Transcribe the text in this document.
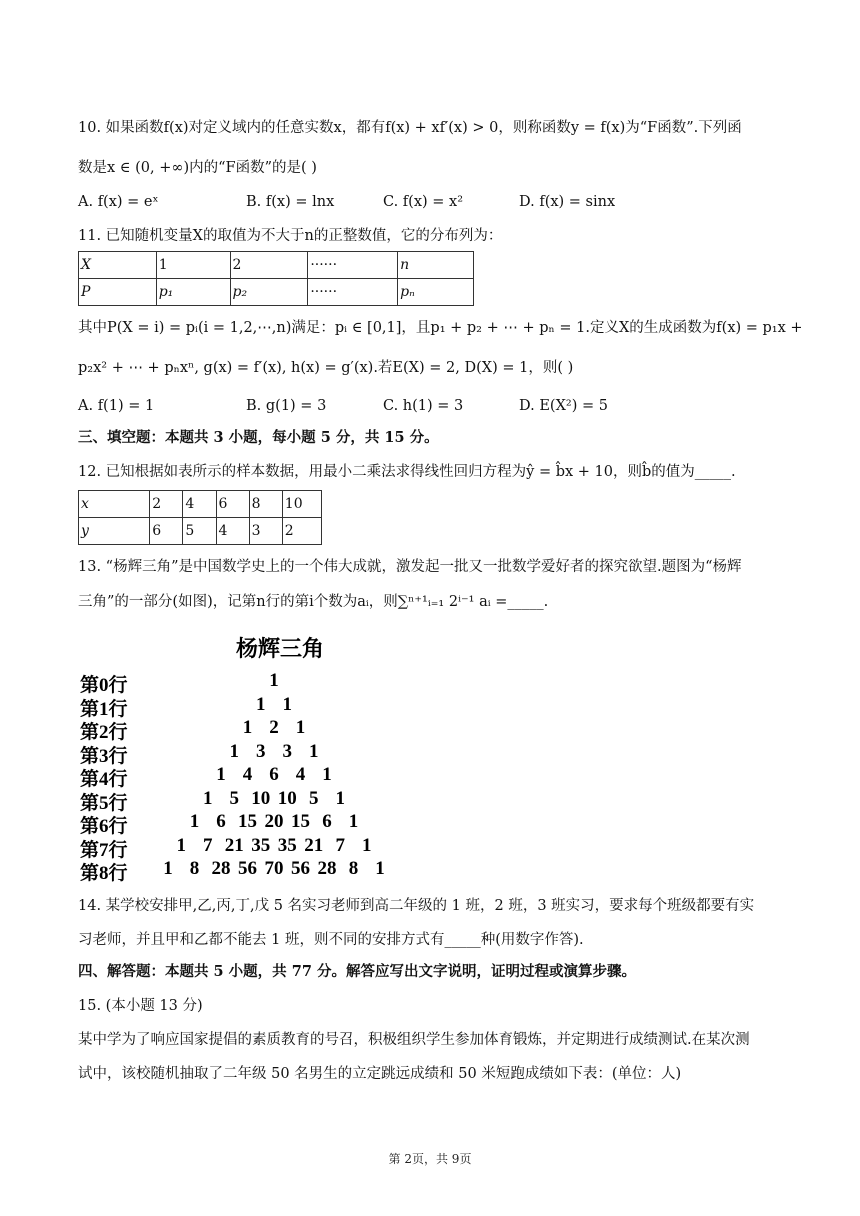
10. 如果函数f(x)对定义域内的任意实数x，都有f(x) + xf′(x) > 0，则称函数y = f(x)为“F函数”.下列函
数是x ∈ (0, +∞)内的“F函数”的是( )
A. f(x) = eˣ	B. f(x) = lnx	C. f(x) = x²	D. f(x) = sinx
11. 已知随机变量X的取值为不大于n的正整数值，它的分布列为：
X	1	2	······	n
P	p₁	p₂	······	pₙ
其中P(X = i) = pᵢ(i = 1,2,⋯,n)满足：pᵢ ∈ [0,1]，且p₁ + p₂ + ⋯ + pₙ = 1.定义X的生成函数为f(x) = p₁x +
p₂x² + ⋯ + pₙxⁿ, g(x) = f′(x), h(x) = g′(x).若E(X) = 2, D(X) = 1，则( )
A. f(1) = 1	B. g(1) = 3	C. h(1) = 3	D. E(X²) = 5
三、填空题：本题共 3 小题，每小题 5 分，共 15 分。
12. 已知根据如表所示的样本数据，用最小二乘法求得线性回归方程为ŷ = b̂x + 10，则b̂的值为_____.
x	2	4	6	8	10
y	6	5	4	3	2
13. “杨辉三角”是中国数学史上的一个伟大成就，激发起一批又一批数学爱好者的探究欲望.题图为“杨辉
三角”的一部分(如图)，记第n行的第i个数为aᵢ，则∑ⁿ⁺¹ᵢ₌₁ 2ⁱ⁻¹ aᵢ =_____.
杨辉三角
第0行	1
第1行	1 1
第2行	1 2 1
第3行	1 3 3 1
第4行	1 4 6 4 1
第5行	1 5 10 10 5 1
第6行	1 6 15 20 15 6 1
第7行	1 7 21 35 35 21 7 1
第8行	1 8 28 56 70 56 28 8 1
14. 某学校安排甲,乙,丙,丁,戊 5 名实习老师到高二年级的 1 班，2 班，3 班实习，要求每个班级都要有实
习老师，并且甲和乙都不能去 1 班，则不同的安排方式有_____种(用数字作答).
四、解答题：本题共 5 小题，共 77 分。解答应写出文字说明，证明过程或演算步骤。
15. (本小题 13 分)
某中学为了响应国家提倡的素质教育的号召，积极组织学生参加体育锻炼，并定期进行成绩测试.在某次测
试中，该校随机抽取了二年级 50 名男生的立定跳远成绩和 50 米短跑成绩如下表：(单位：人)
第 2页，共 9页
